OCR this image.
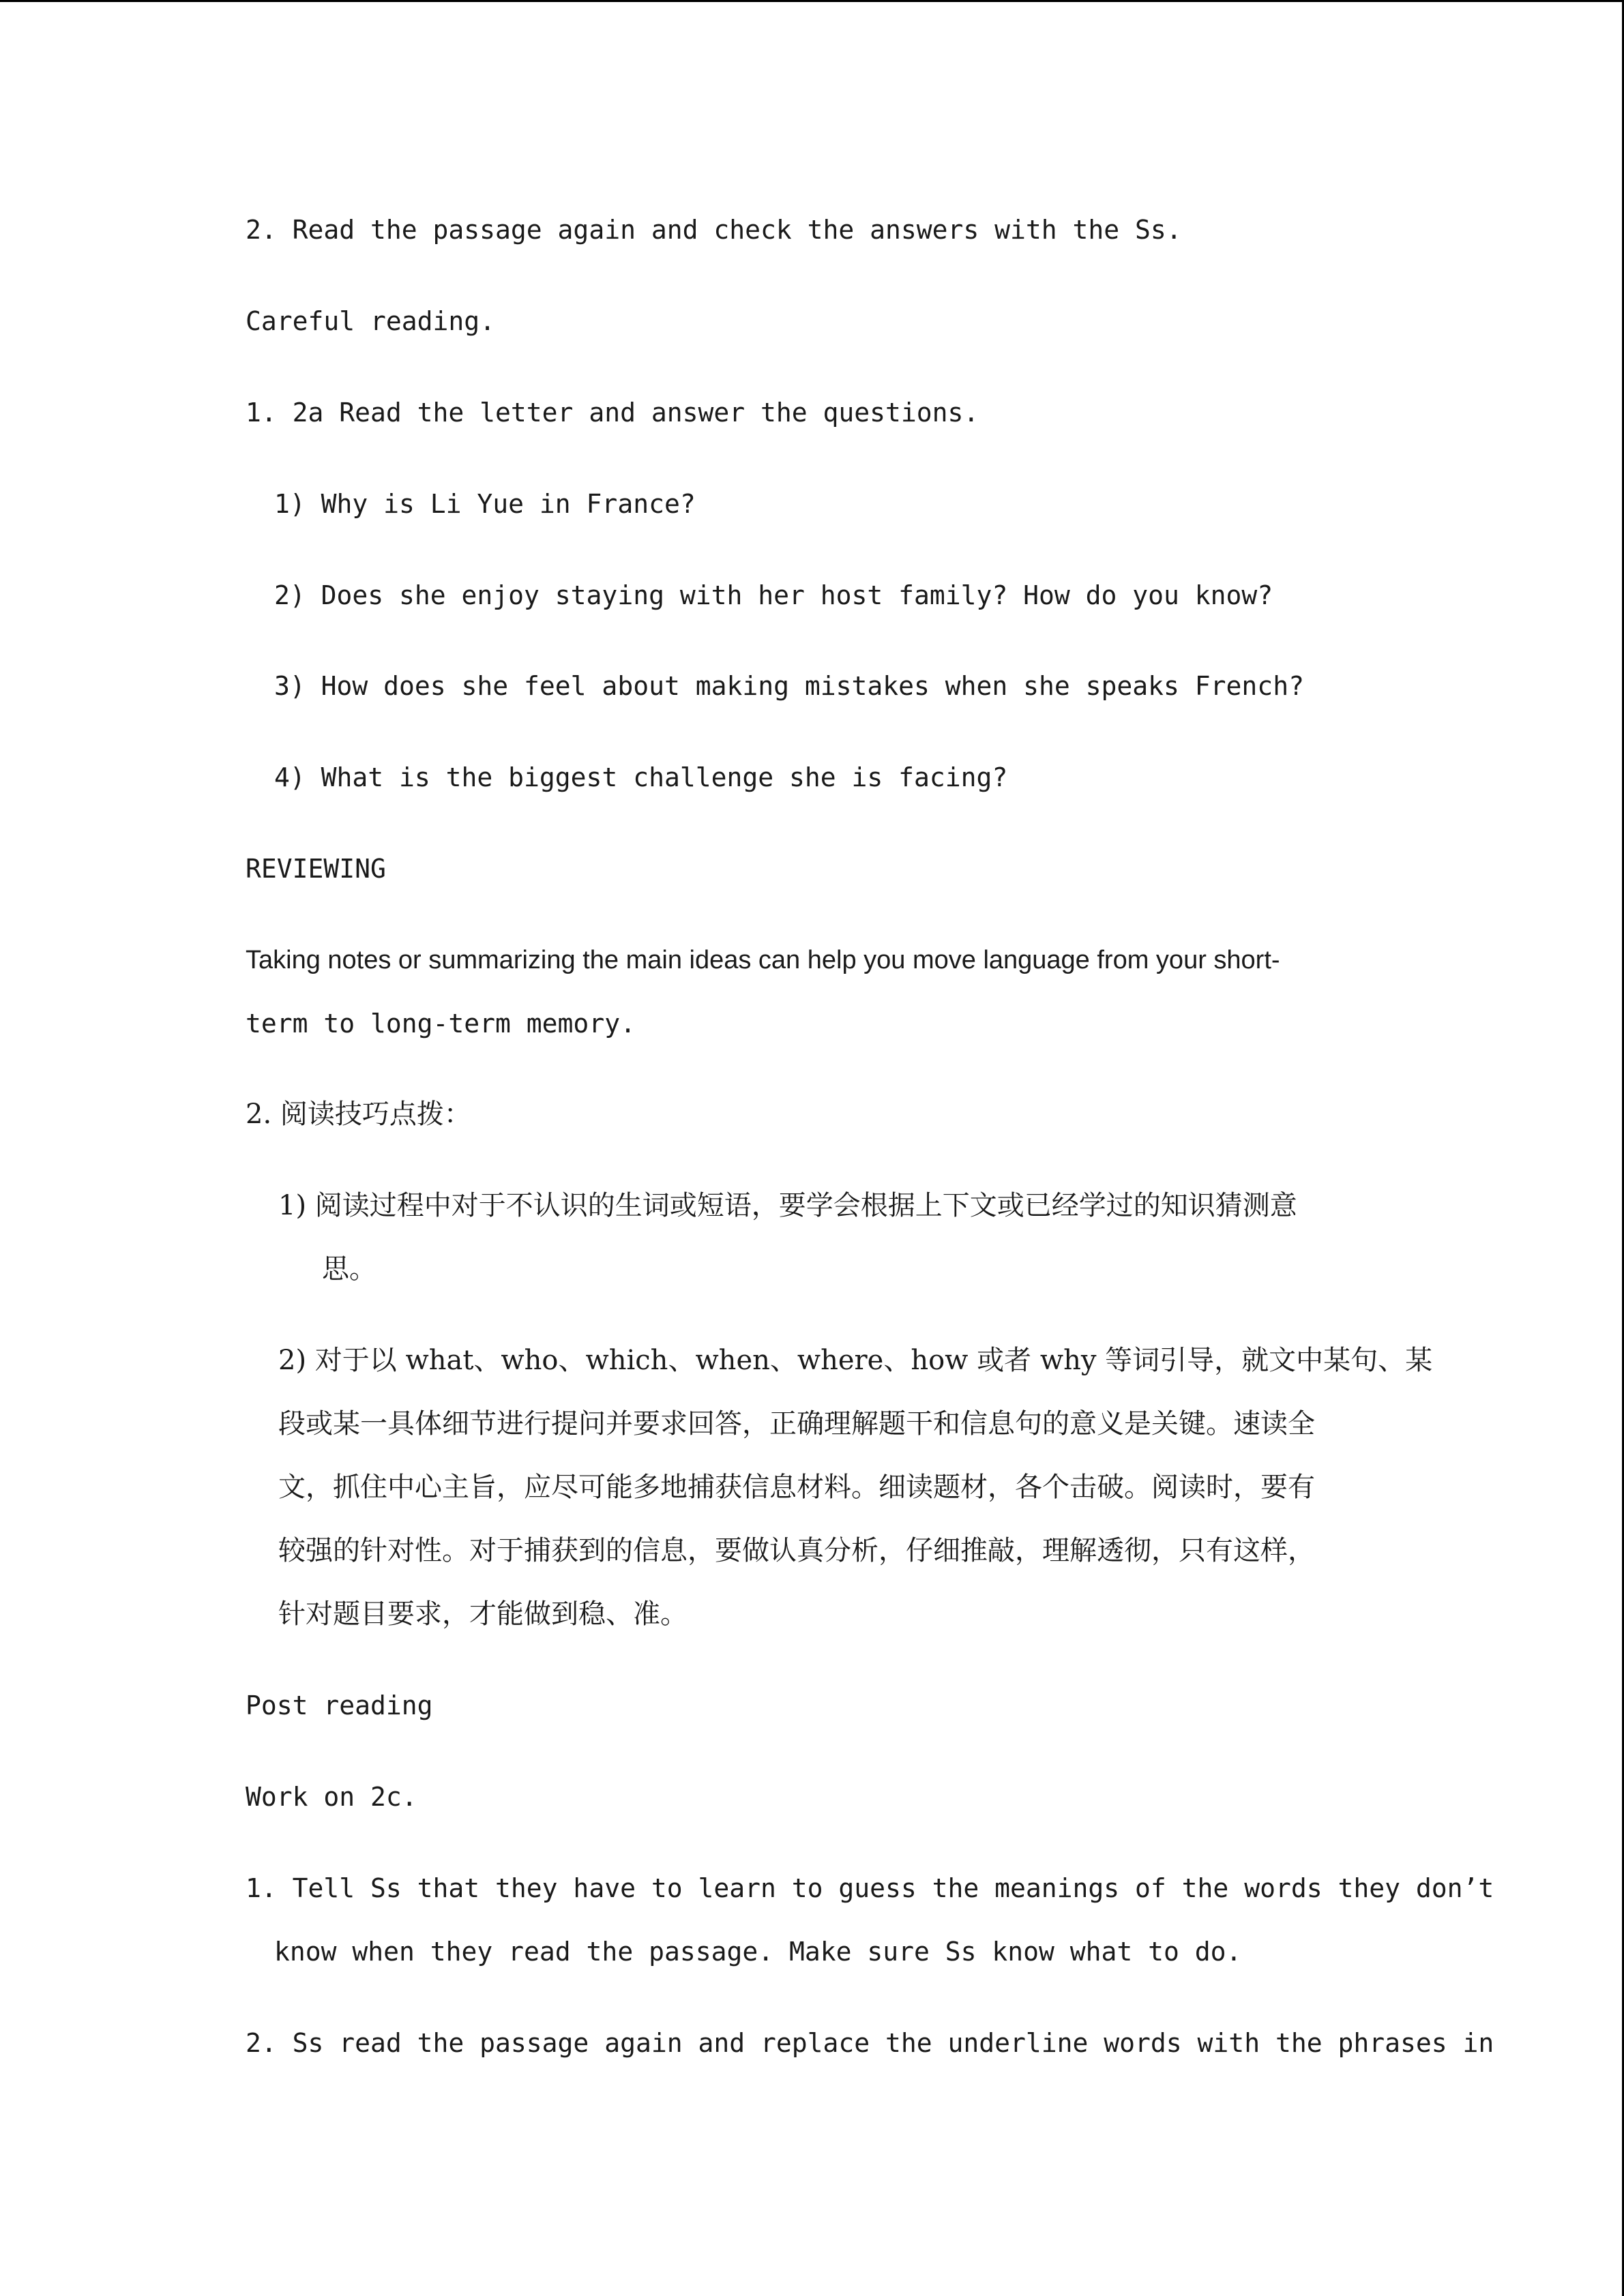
2. Read the passage again and check the answers with the Ss.

Careful reading.

1. 2a Read the letter and answer the questions.

1) Why is Li Yue in France?

2) Does she enjoy staying with her host family? How do you know?

3) How does she feel about making mistakes when she speaks French?

4) What is the biggest challenge she is facing?

REVIEWING

Taking notes or summarizing the main ideas can help you move language from your short-

term to long-term memory.

2. 阅读技巧点拨：

1) 阅读过程中对于不认识的生词或短语，要学会根据上下文或已经学过的知识猜测意

思。

2) 对于以 what、who、which、when、where、how 或者 why 等词引导，就文中某句、某

段或某一具体细节进行提问并要求回答，正确理解题干和信息句的意义是关键。速读全

文，抓住中心主旨，应尽可能多地捕获信息材料。细读题材，各个击破。阅读时，要有

较强的针对性。对于捕获到的信息，要做认真分析，仔细推敲，理解透彻，只有这样，

针对题目要求，才能做到稳、准。

Post reading

Work on 2c.

1. Tell Ss that they have to learn to guess the meanings of the words they don’t

know when they read the passage. Make sure Ss know what to do.

2. Ss read the passage again and replace the underline words with the phrases in
